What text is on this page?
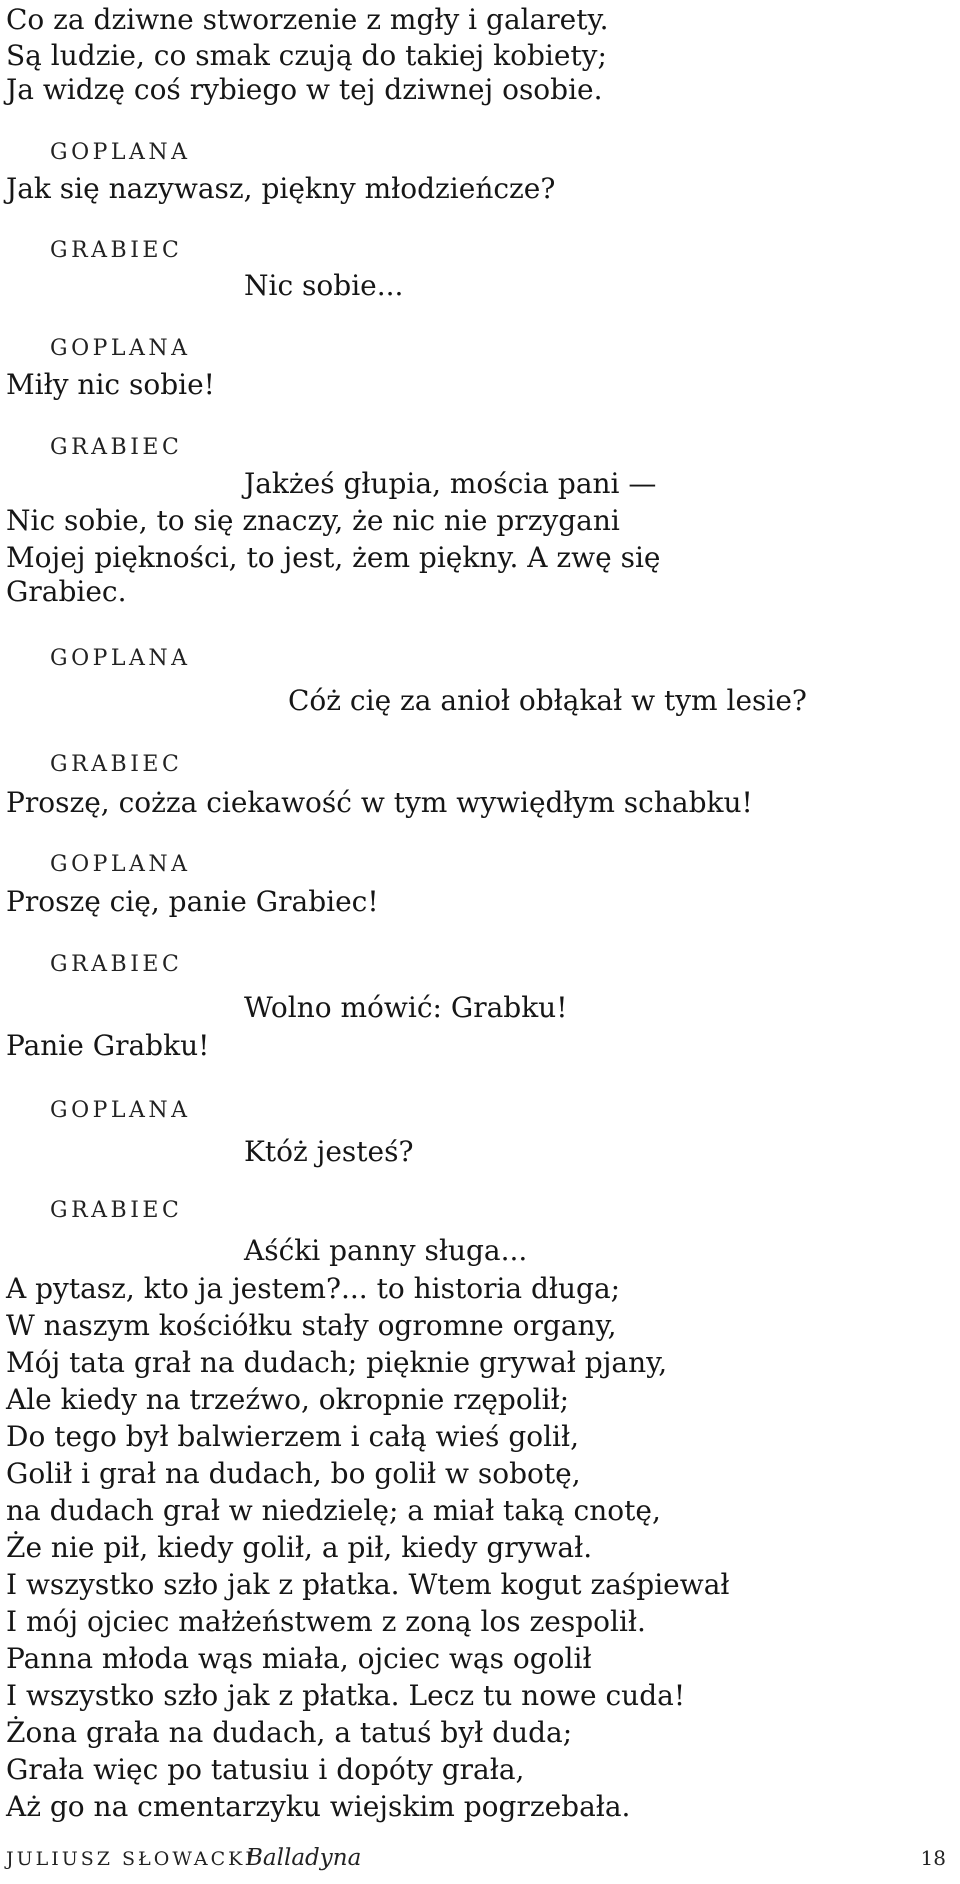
Co za dziwne stworzenie z mgły i galarety.
Są ludzie, co smak czują do takiej kobiety;
Ja widzę coś rybiego w tej dziwnej osobie.
GOPLANA
Jak się nazywasz, piękny młodzieńcze?
GRABIEC
Nic sobie...
GOPLANA
Miły nic sobie!
GRABIEC
Jakżeś głupia, mościa pani —
Nic sobie, to się znaczy, że nic nie przygani
Mojej piękności, to jest, żem piękny. A zwę się
Grabiec.
GOPLANA
Cóż cię za anioł obłąkał w tym lesie?
GRABIEC
Proszę, cożza ciekawość w tym wywiędłym schabku!
GOPLANA
Proszę cię, panie Grabiec!
GRABIEC
Wolno mówić: Grabku!
Panie Grabku!
GOPLANA
Któż jesteś?
GRABIEC
Aśćki panny sługa...
A pytasz, kto ja jestem?... to historia długa;
W naszym kościółku stały ogromne organy,
Mój tata grał na dudach; pięknie grywał pjany,
Ale kiedy na trzeźwo, okropnie rzępolił;
Do tego był balwierzem i całą wieś golił,
Golił i grał na dudach, bo golił w sobotę,
na dudach grał w niedzielę; a miał taką cnotę,
Że nie pił, kiedy golił, a pił, kiedy grywał.
I wszystko szło jak z płatka. Wtem kogut zaśpiewał
I mój ojciec małżeństwem z zoną los zespolił.
Panna młoda wąs miała, ojciec wąs ogolił
I wszystko szło jak z płatka. Lecz tu nowe cuda!
Żona grała na dudach, a tatuś był duda;
Grała więc po tatusiu i dopóty grała,
Aż go na cmentarzyku wiejskim pogrzebała.
JULIUSZ SŁOWACKI
Balladyna	18
